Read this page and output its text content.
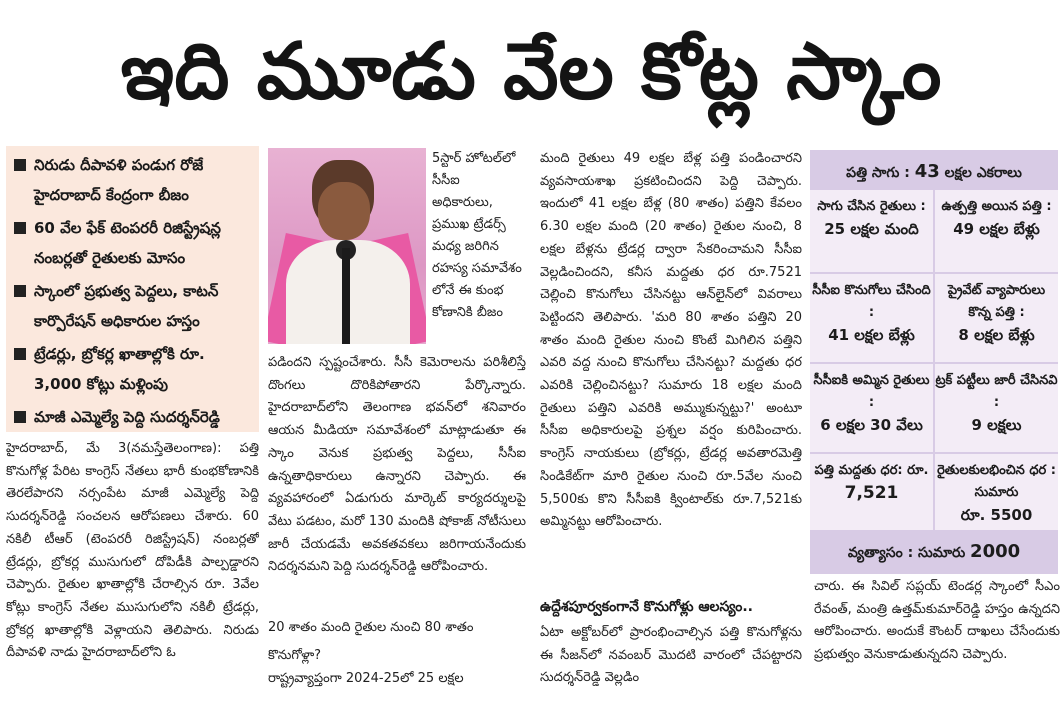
ఇది మూడు వేల కోట్ల స్కాం
నిరుడు దీపావళి పండుగ రోజే హైదరాబాద్ కేంద్రంగా బీజం
60 వేల ఫేక్ టెంపరరీ రిజిస్ట్రేషన్ల నంబర్లతో రైతులకు మోసం
స్కాంలో ప్రభుత్వ పెద్దలు, కాటన్ కార్పొరేషన్ అధికారుల హస్తం
ట్రేడర్లు, బ్రోకర్ల ఖాతాల్లోకి రూ. 3,000 కోట్లు మళ్లింపు
మాజీ ఎమ్మెల్యే పెద్ది సుదర్శన్‌రెడ్డి

హైదరాబాద్, మే 3(నమస్తేతెలంగాణ): పత్తి కొనుగోళ్ల పేరిట కాంగ్రెస్ నేతలు భారీ కుంభకోణానికి తెరలేపారని నర్సంపేట మాజీ ఎమ్మెల్యే పెద్ది సుదర్శన్‌రెడ్డి సంచలన ఆరోపణలు చేశారు. 60 నకిలీ టీఆర్ (టెంపరరీ రిజిస్ట్రేషన్) నంబర్లతో ట్రేడర్లు, బ్రోకర్ల ముసుగులో దోపిడీకి పాల్పడ్డారని చెప్పారు. రైతుల ఖాతాల్లోకి చేరాల్సిన రూ. 3వేల కోట్లు కాంగ్రెస్ నేతల ముసుగులోని నకిలీ ట్రేడర్లు, బ్రోకర్ల ఖాతాల్లోకి వెళ్లాయని తెలిపారు. నిరుడు దీపావళి నాడు హైదరాబాద్‌లోని ఓ

5స్టార్ హోటల్‌లో సీసీఐ అధికారులు, ప్రముఖ ట్రేడర్స్ మధ్య జరిగిన రహస్య సమావేశం లోనే ఈ కుంభ కోణానికి బీజం

పడిందని స్పష్టంచేశారు. సీసీ కెమెరాలను పరిశీలిస్తే దొంగలు దొరికిపోతారని పేర్కొన్నారు. హైదరాబాద్‌లోని తెలంగాణ భవన్‌లో శనివారం ఆయన మీడియా సమావేశంలో మాట్లాడుతూ ఈ స్కాం వెనుక ప్రభుత్వ పెద్దలు, సీసీఐ ఉన్నతాధికారులు ఉన్నారని చెప్పారు. ఈ వ్యవహారంలో ఏడుగురు మార్కెట్ కార్యదర్శులపై వేటు పడటం, మరో 130 మందికి షోకాజ్ నోటీసులు జారీ చేయడమే అవకతవకలు జరిగాయనేందుకు నిదర్శనమని పెద్ది సుదర్శన్‌రెడ్డి ఆరోపించారు.

20 శాతం మంది రైతుల నుంచి 80 శాతం కొనుగోళ్లా?

రాష్ట్రవ్యాప్తంగా 2024-25లో 25 లక్షల

మంది రైతులు 49 లక్షల బేళ్ల పత్తి పండించారని వ్యవసాయశాఖ ప్రకటించిందని పెద్ది చెప్పారు. ఇందులో 41 లక్షల బేళ్ల (80 శాతం) పత్తిని కేవలం 6.30 లక్షల మంది (20 శాతం) రైతుల నుంచి, 8 లక్షల బేళ్లను ట్రేడర్ల ద్వారా సేకరించామని సీసీఐ వెల్లడించిందని, కనీస మద్దతు ధర రూ.7521 చెల్లించి కొనుగోలు చేసినట్టు ఆన్‌లైన్‌లో వివరాలు పెట్టిందని తెలిపారు. 'మరి 80 శాతం పత్తిని 20 శాతం మంది రైతుల నుంచి కొంటే మిగిలిన పత్తిని ఎవరి వద్ద నుంచి కొనుగోలు చేసినట్టు? మద్దతు ధర ఎవరికి చెల్లించినట్టు? సుమారు 18 లక్షల మంది రైతులు పత్తిని ఎవరికి అమ్ముకున్నట్టు?' అంటూ సీసీఐ అధికారులపై ప్రశ్నల వర్షం కురిపించారు. కాంగ్రెస్ నాయకులు (బ్రోకర్లు, ట్రేడర్ల అవతారమెత్తి సిండికేట్‌గా మారి రైతుల నుంచి రూ.5వేల నుంచి 5,500కు కొని సీసీఐకి క్వింటాల్‌కు రూ.7,521కు అమ్మినట్టు ఆరోపించారు.

ఉద్దేశపూర్వకంగానే కొనుగోళ్లు ఆలస్యం..

ఏటా అక్టోబర్‌లో ప్రారంభించాల్సిన పత్తి కొనుగోళ్లను ఈ సీజన్‌లో నవంబర్ మొదటి వారంలో చేపట్టారని సుదర్శన్‌రెడ్డి వెల్లడిం

పత్తి సాగు : 43 లక్షల ఎకరాలు
సాగు చేసిన రైతులు :
25 లక్షల మంది
ఉత్పత్తి అయిన పత్తి :
49 లక్షల బేళ్లు
సీసీఐ కొనుగోలు చేసింది :
41 లక్షల బేళ్లు
ప్రైవేట్ వ్యాపారులు కొన్న పత్తి :
8 లక్షల బేళ్లు
సీసీఐకి అమ్మిన రైతులు :
6 లక్షల 30 వేలు
ట్రక్ పట్టీలు జారీ చేసినవి :
9 లక్షలు
పత్తి మద్దతు ధర: రూ.
7,521
రైతులకులభించిన ధర : సుమారు
రూ. 5500
వ్యత్యాసం : సుమారు 2000

చారు. ఈ సివిల్ సప్లయ్ టెండర్ల స్కాంలో సీఎం రేవంత్, మంత్రి ఉత్తమ్‌కుమార్‌రెడ్డి హస్తం ఉన్నదని ఆరోపించారు. అందుకే కౌంటర్ దాఖలు చేసేందుకు ప్రభుత్వం వెనుకాడుతున్నదని చెప్పారు.
